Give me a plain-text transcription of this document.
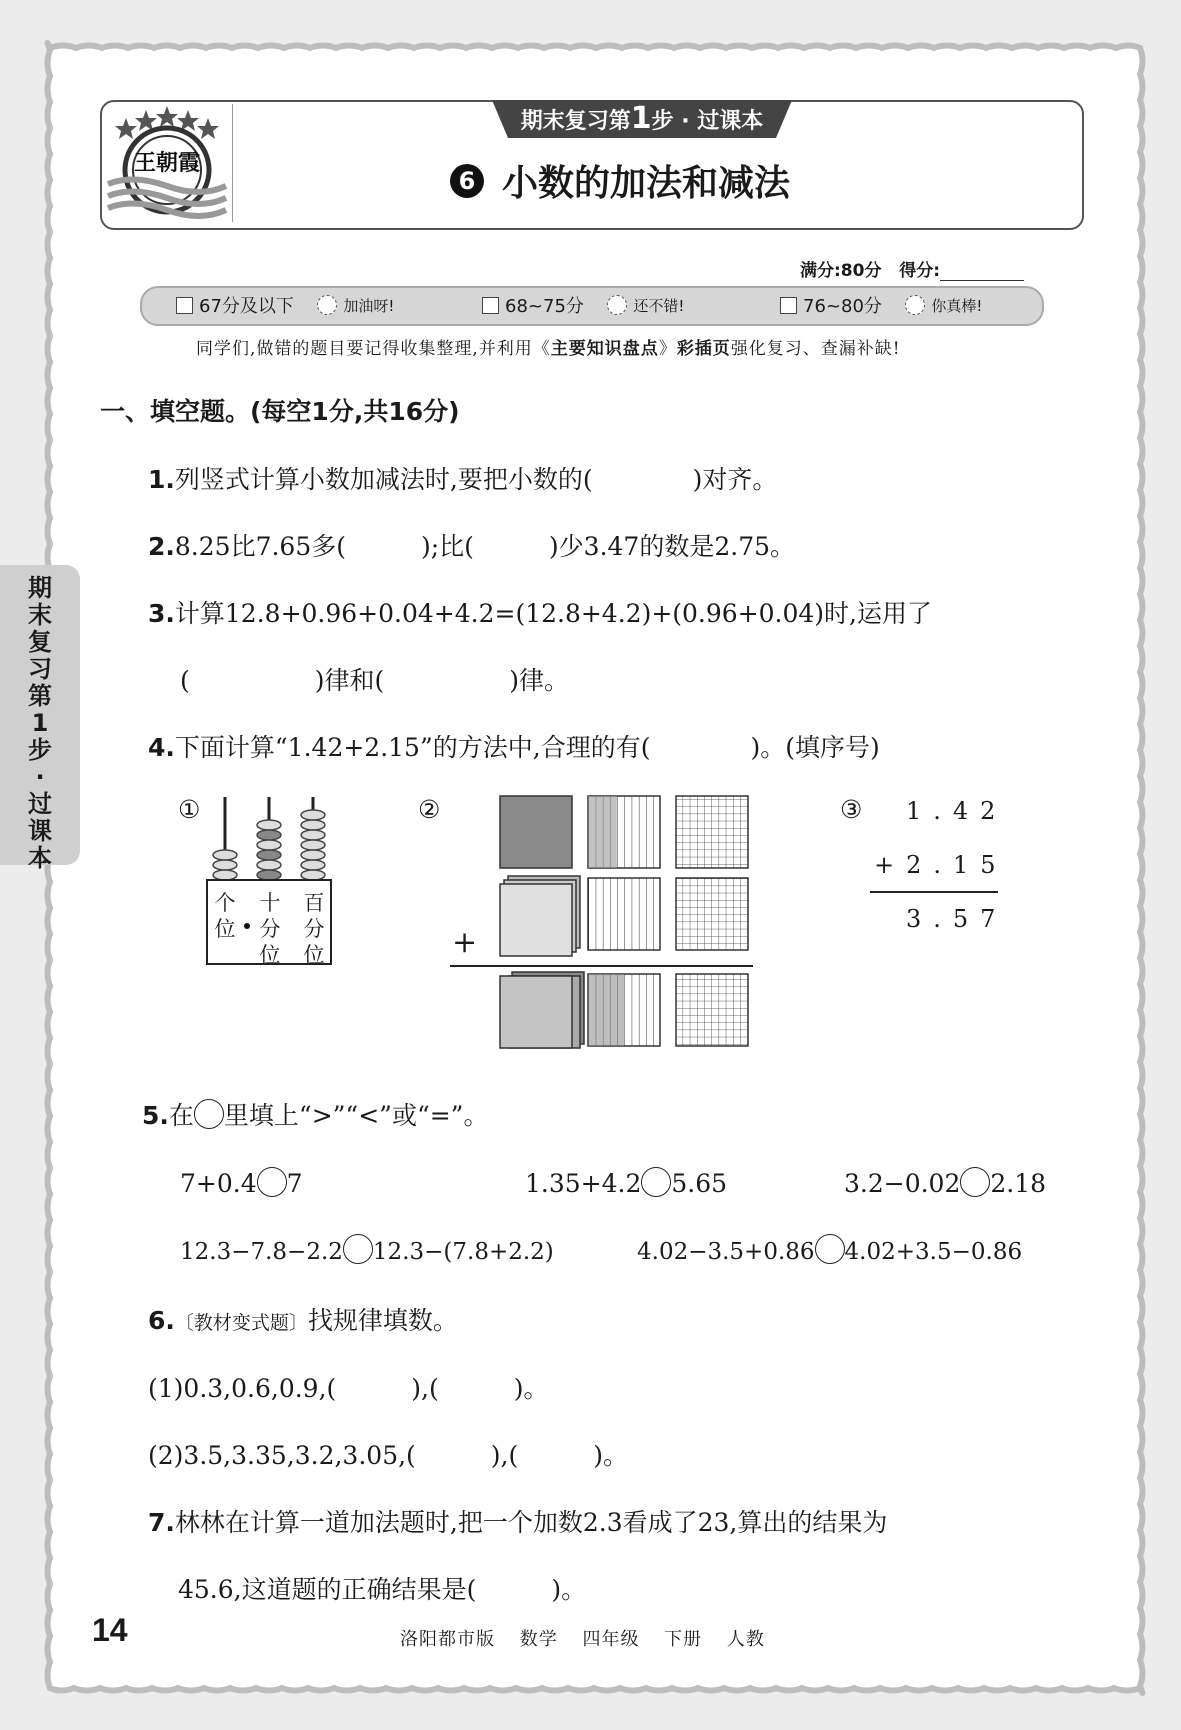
王朝霞
期末复习第1步 · 过课本
6 小数的加法和减法
满分:80分 得分:
67分及以下
	加油呀!	68~75分
	还不错!	76~80分
	你真棒!
同学们,做错的题目要记得收集整理,并利用《主要知识盘点》彩插页强化复习、查漏补缺!
一、填空题。(每空1分,共16分)
1.列竖式计算小数加减法时,要把小数的(　　　　)对齐。
2.8.25比7.65多(　　　);比(　　　)少3.47的数是2.75。
3.计算12.8+0.96+0.04+4.2=(12.8+4.2)+(0.96+0.04)时,运用了
(　　　　　)律和(　　　　　)律。
4.下面计算“1.42+2.15”的方法中,合理的有(　　　　)。(填序号)
①
个位
十分位
百分位
②
+
③ 1.42
+2.15
3.57
5.在 里填上“>”“<”或“=”。
7+0.4 7	1.35+4.2 5.65	3.2−0.02 2.18
12.3−7.8−2.2 12.3−(7.8+2.2)	4.02−3.5+0.86 4.02+3.5−0.86
6.〔教材变式题〕找规律填数。
(1)0.3,0.6,0.9,(　　　),(　　　)。
(2)3.5,3.35,3.2,3.05,(　　　),(　　　)。
7.林林在计算一道加法题时,把一个加数2.3看成了23,算出的结果为
45.6,这道题的正确结果是(　　　)。
期末复习第1步·过课本
14	洛阳都市版 数学 四年级 下册 人教
